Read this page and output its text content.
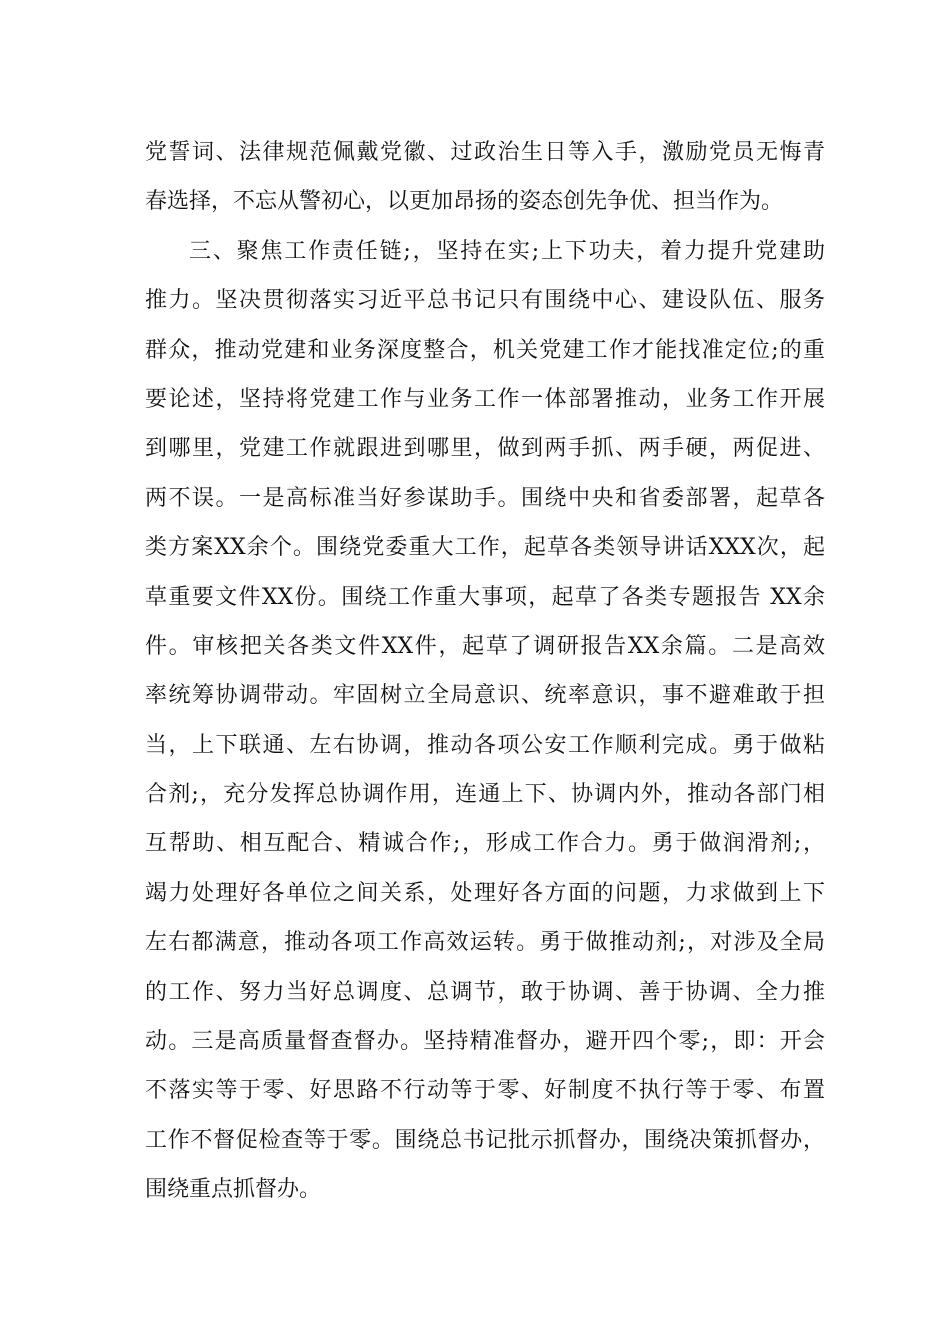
党誓词、法律规范佩戴党徽、过政治生日等入手，激励党员无悔青
春选择，不忘从警初心，以更加昂扬的姿态创先争优、担当作为。
三、聚焦工作责任链;，坚持在实;上下功夫，着力提升党建助
推力。坚决贯彻落实习近平总书记只有围绕中心、建设队伍、服务
群众，推动党建和业务深度整合，机关党建工作才能找准定位;的重
要论述，坚持将党建工作与业务工作一体部署推动，业务工作开展
到哪里，党建工作就跟进到哪里，做到两手抓、两手硬，两促进、
两不误。一是高标准当好参谋助手。围绕中央和省委部署，起草各
类方案XX余个。围绕党委重大工作，起草各类领导讲话XXX次，起
草重要文件XX份。围绕工作重大事项，起草了各类专题报告 XX余
件。审核把关各类文件XX件，起草了调研报告XX余篇。二是高效
率统筹协调带动。牢固树立全局意识、统率意识，事不避难敢于担
当，上下联通、左右协调，推动各项公安工作顺利完成。勇于做粘
合剂;，充分发挥总协调作用，连通上下、协调内外，推动各部门相
互帮助、相互配合、精诚合作;，形成工作合力。勇于做润滑剂;，
竭力处理好各单位之间关系，处理好各方面的问题，力求做到上下
左右都满意，推动各项工作高效运转。勇于做推动剂;，对涉及全局
的工作、努力当好总调度、总调节，敢于协调、善于协调、全力推
动。三是高质量督查督办。坚持精准督办，避开四个零;，即：开会
不落实等于零、好思路不行动等于零、好制度不执行等于零、布置
工作不督促检查等于零。围绕总书记批示抓督办，围绕决策抓督办，
围绕重点抓督办。
